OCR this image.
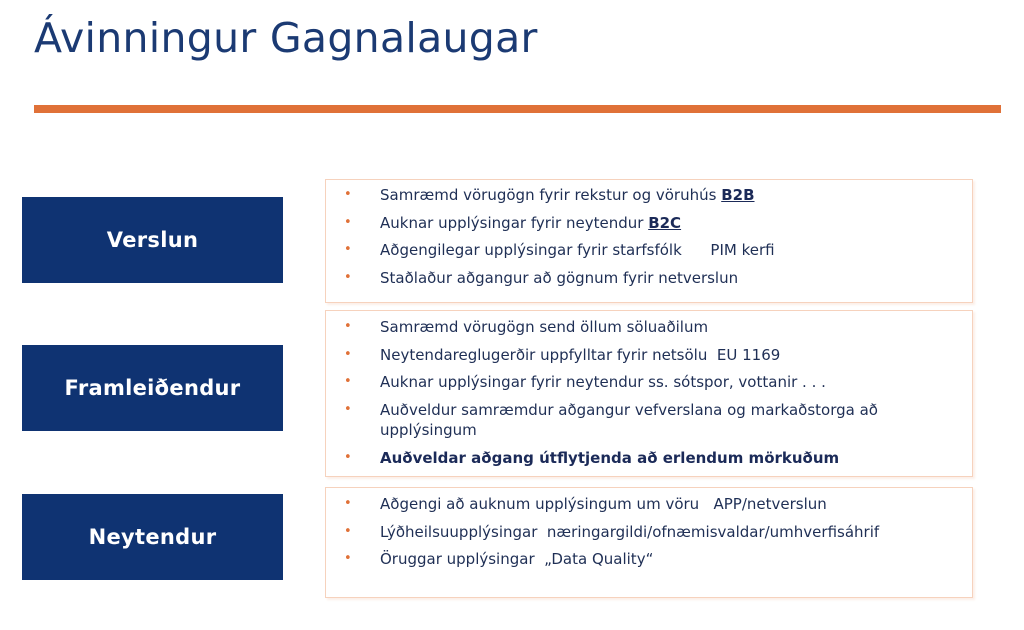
Ávinningur Gagnalaugar
Verslun
• Samræmd vörugögn fyrir rekstur og vöruhús B2B
• Auknar upplýsingar fyrir neytendur B2C
• Aðgengilegar upplýsingar fyrir starfsfólk      PIM kerfi
• Staðlaður aðgangur að gögnum fyrir netverslun
Framleiðendur
• Samræmd vörugögn send öllum söluaðilum
• Neytendareglugerðir uppfylltar fyrir netsölu  EU 1169
• Auknar upplýsingar fyrir neytendur ss. sótspor, vottanir . . .
• Auðveldur samræmdur aðgangur vefverslana og markaðstorga að upplýsingum
• Auðveldar aðgang útflytjenda að erlendum mörkuðum
Neytendur
• Aðgengi að auknum upplýsingum um vöru   APP/netverslun
• Lýðheilsuupplýsingar  næringargildi/ofnæmisvaldar/umhverfisáhrif
• Öruggar upplýsingar  „Data Quality“
